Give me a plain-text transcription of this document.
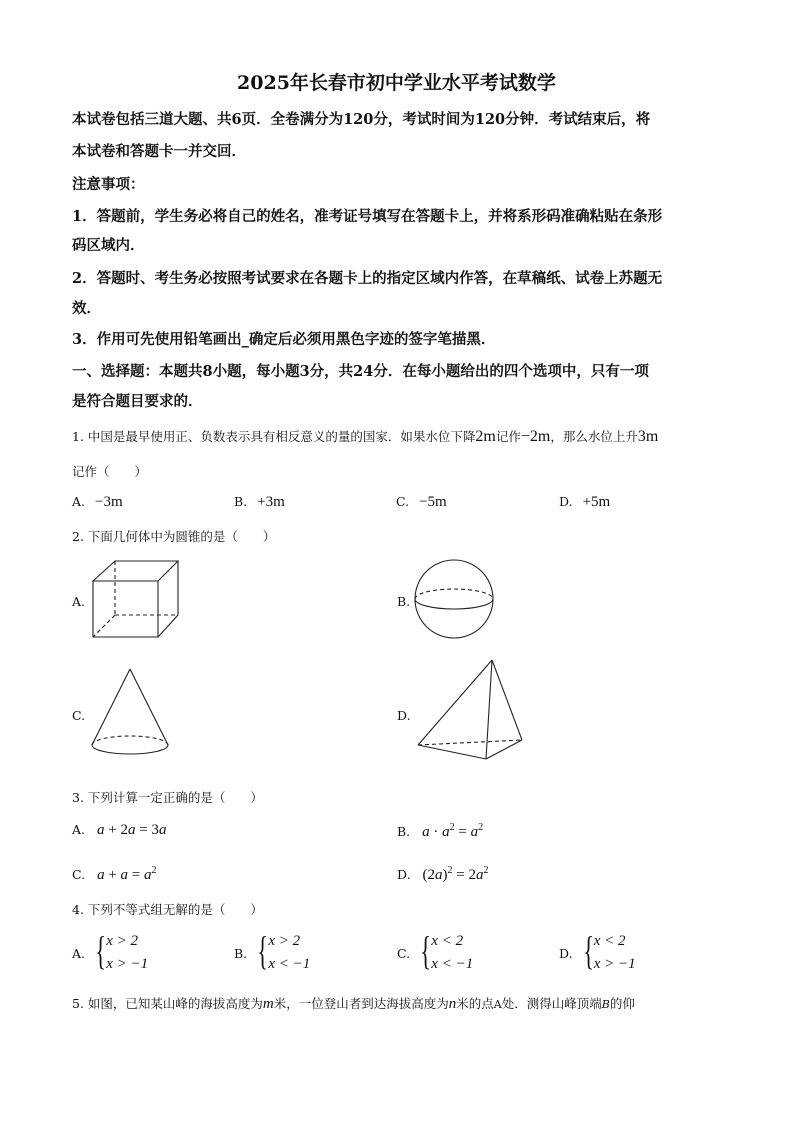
2025年长春市初中学业水平考试数学
本试卷包括三道大题、共6页．全卷满分为120分，考试时间为120分钟．考试结束后，将
本试卷和答题卡一并交回．
注意事项：
1．答题前，学生务必将自己的姓名，准考证号填写在答题卡上，并将系形码准确粘贴在条形
码区域内．
2．答题时、考生务必按照考试要求在各题卡上的指定区域内作答，在草稿纸、试卷上苏题无
效．
3．作用可先使用铅笔画出_确定后必须用黑色字迹的签字笔描黑．
一、选择题：本题共8小题，每小题3分，共24分．在每小题给出的四个选项中，只有一项
是符合题目要求的．
1. 中国是最早使用正、负数表示具有相反意义的量的国家．如果水位下降2m记作−2m，那么水位上升3m
记作（　　）
A. −3m	B. +3m	C. −5m	D. +5m
2. 下面几何体中为圆锥的是（　　）
A.	B.
C.	D.
3. 下列计算一定正确的是（　　）
A. a + 2a = 3a	B. $a \cdot a^2 = a^2$
C. $a + a = a^2$	D. $(2a)^2 = 2a^2$
4. 下列不等式组无解的是（　　）
A. { x > 2
x > −1
B. { x > 2
x < −1
C. { x < 2
x < −1
D. { x < 2
x > −1
5. 如图，已知某山峰的海拔高度为m米，一位登山者到达海拔高度为n米的点A处．测得山峰顶端B的仰
